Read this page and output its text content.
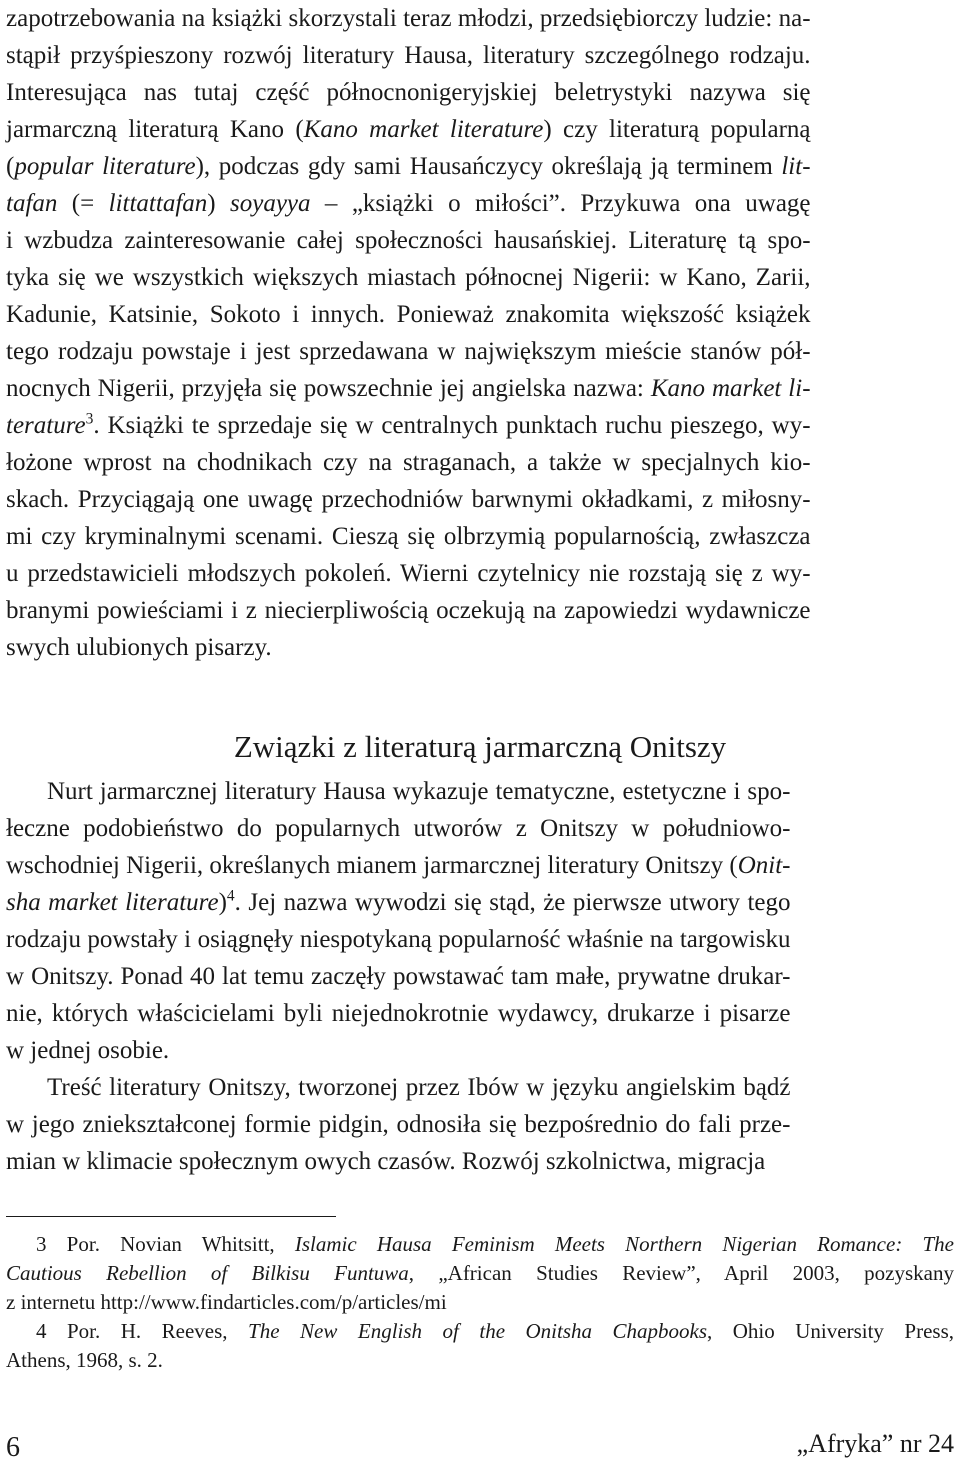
zapotrzebowania na książki skorzystali teraz młodzi, przedsiębiorczy ludzie: na-
stąpił przyśpieszony rozwój literatury Hausa, literatury szczególnego rodzaju.
Interesująca nas tutaj część północnonigeryjskiej beletrystyki nazywa się
jarmarczną literaturą Kano (Kano market literature) czy literaturą popularną
(popular literature), podczas gdy sami Hausańczycy określają ją terminem lit-
tafan (= littattafan) soyayya – „książki o miłości”. Przykuwa ona uwagę
i wzbudza zainteresowanie całej społeczności hausańskiej. Literaturę tą spo-
tyka się we wszystkich większych miastach północnej Nigerii: w Kano, Zarii,
Kadunie, Katsinie, Sokoto i innych. Ponieważ znakomita większość książek
tego rodzaju powstaje i jest sprzedawana w największym mieście stanów pół-
nocnych Nigerii, przyjęła się powszechnie jej angielska nazwa: Kano market li-
terature$^3$. Książki te sprzedaje się w centralnych punktach ruchu pieszego, wy-
łożone wprost na chodnikach czy na straganach, a także w specjalnych kio-
skach. Przyciągają one uwagę przechodniów barwnymi okładkami, z miłosny-
mi czy kryminalnymi scenami. Cieszą się olbrzymią popularnością, zwłaszcza
u przedstawicieli młodszych pokoleń. Wierni czytelnicy nie rozstają się z wy-
branymi powieściami i z niecierpliwością oczekują na zapowiedzi wydawnicze
swych ulubionych pisarzy.
Związki z literaturą jarmarczną Onitszy
Nurt jarmarcznej literatury Hausa wykazuje tematyczne, estetyczne i spo-
łeczne podobieństwo do popularnych utworów z Onitszy w południowo-
wschodniej Nigerii, określanych mianem jarmarcznej literatury Onitszy (Onit-
sha market literature)$^4$. Jej nazwa wywodzi się stąd, że pierwsze utwory tego
rodzaju powstały i osiągnęły niespotykaną popularność właśnie na targowisku
w Onitszy. Ponad 40 lat temu zaczęły powstawać tam małe, prywatne drukar-
nie, których właścicielami byli niejednokrotnie wydawcy, drukarze i pisarze
w jednej osobie.
Treść literatury Onitszy, tworzonej przez Ibów w języku angielskim bądź
w jego zniekształconej formie pidgin, odnosiła się bezpośrednio do fali prze-
mian w klimacie społecznym owych czasów. Rozwój szkolnictwa, migracja
3 Por. Novian Whitsitt, Islamic Hausa Feminism Meets Northern Nigerian Romance: The
Cautious Rebellion of Bilkisu Funtuwa, „African Studies Review”, April 2003, pozyskany
z internetu http://www.findarticles.com/p/articles/mi
4 Por. H. Reeves, The New English of the Onitsha Chapbooks, Ohio University Press,
Athens, 1968, s. 2.
6	„Afryka” nr 24
